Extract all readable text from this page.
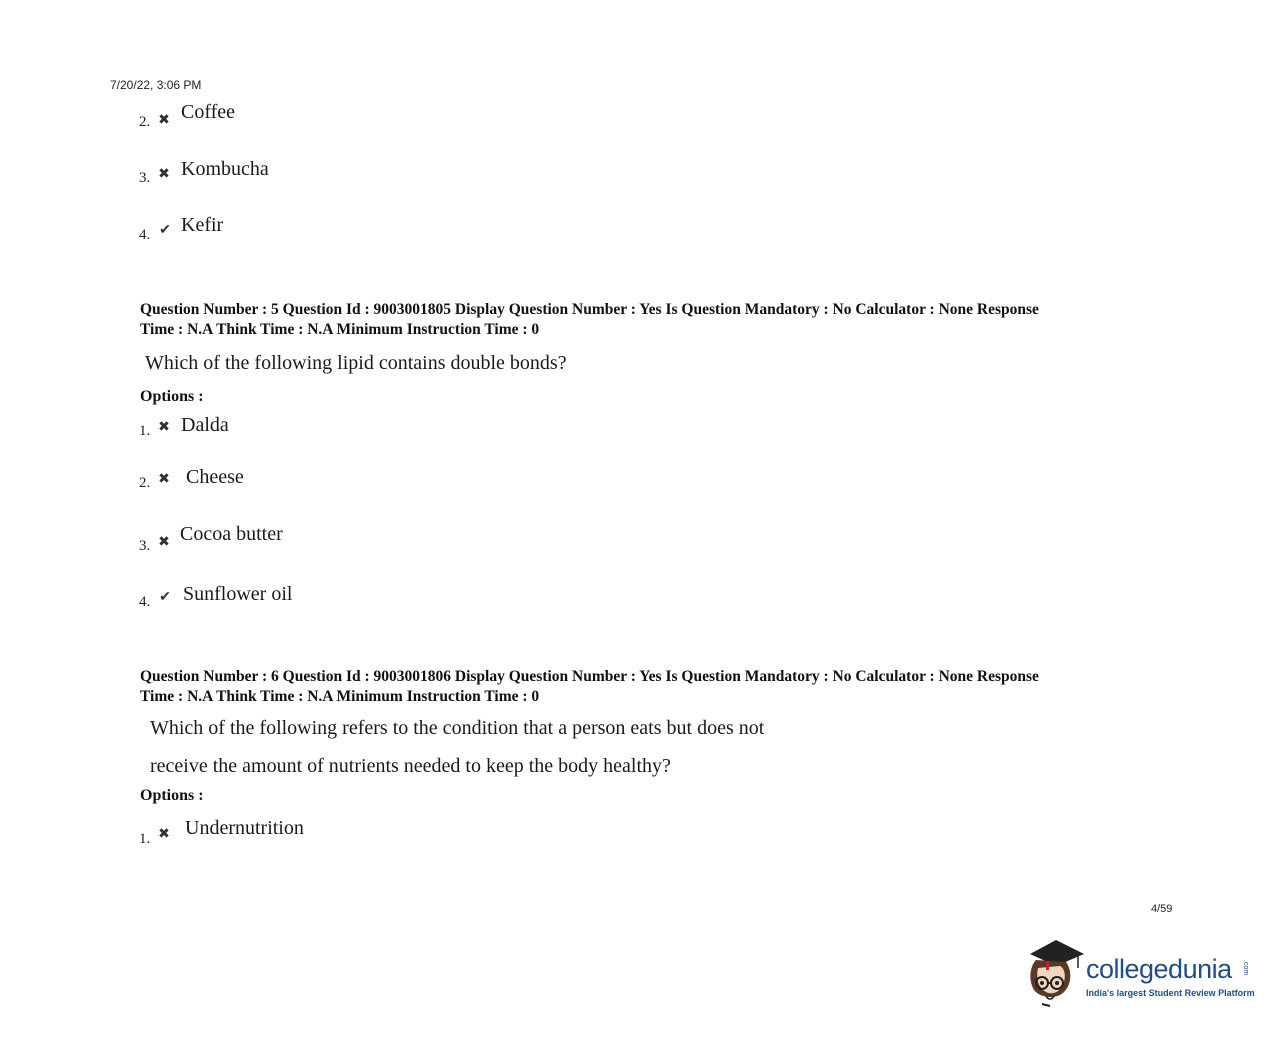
7/20/22, 3:06 PM
2. ✖ Coffee
3. ✖ Kombucha
4. ✔ Kefir
Question Number : 5 Question Id : 9003001805 Display Question Number : Yes Is Question Mandatory : No Calculator : None Response
Time : N.A Think Time : N.A Minimum Instruction Time : 0
Which of the following lipid contains double bonds?
Options :
1. ✖ Dalda
2. ✖ Cheese
3. ✖ Cocoa butter
4. ✔ Sunflower oil
Question Number : 6 Question Id : 9003001806 Display Question Number : Yes Is Question Mandatory : No Calculator : None Response
Time : N.A Think Time : N.A Minimum Instruction Time : 0
Which of the following refers to the condition that a person eats but does not
receive the amount of nutrients needed to keep the body healthy?
Options :
1. ✖ Undernutrition
4/59
collegedunia .com
India's largest Student Review Platform
